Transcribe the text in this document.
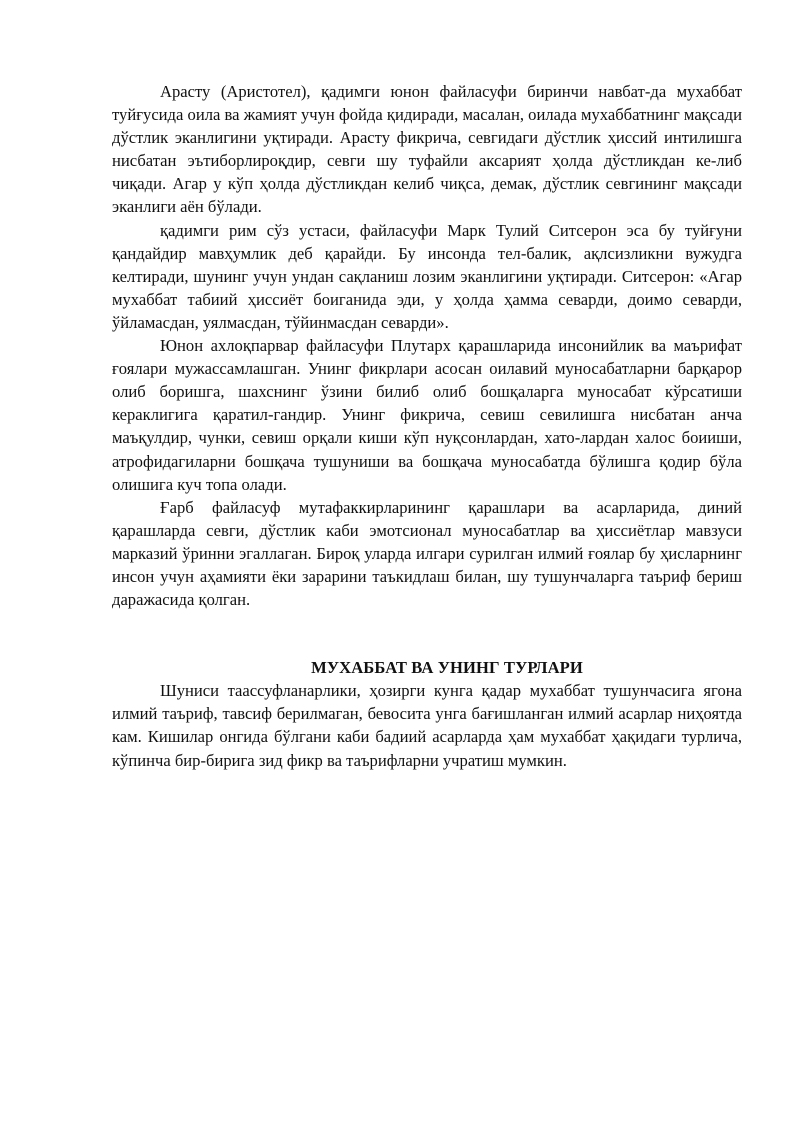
Арасту (Аристотел), қадимги юнон файласуфи биринчи навбат-да мухаббат туйғусида оила ва жамият учун фойда қидиради, масалан, оилада мухаббатнинг мақсади дўстлик эканлигини уқтиради. Арасту фикрича, севгидаги дўстлик ҳиссий интилишга нисбатан эътиборлироқдир, севги шу туфайли аксарият ҳолда дўстликдан ке-либ чиқади. Агар у кўп ҳолда дўстликдан келиб чиқса, демак, дўстлик севгининг мақсади эканлиги аён бўлади.

қадимги рим сўз устаси, файласуфи Марк Тулий Ситсерон эса бу туйғуни қандайдир мавҳумлик деб қарайди. Бу инсонда тел-балик, ақлсизликни вужудга келтиради, шунинг учун ундан сақланиш лозим эканлигини уқтиради. Ситсерон: «Агар мухаббат табиий ҳиссиёт боиганида эди, у ҳолда ҳамма севарди, доимо севарди, ўйламасдан, уялмасдан, тўйинмасдан севарди».

Юнон ахлоқпарвар файласуфи Плутарх қарашларида инсонийлик ва маърифат ғоялари мужассамлашган. Унинг фикрлари асосан оилавий муносабатларни барқарор олиб боришга, шахснинг ўзини билиб олиб бошқаларга муносабат кўрсатиши кераклигига қаратил-гандир. Унинг фикрича, севиш севилишга нисбатан анча маъқулдир, чунки, севиш орқали киши кўп нуқсонлардан, хато-лардан халос боииши, атрофидагиларни бошқача тушуниши ва бошқача муносабатда бўлишга қодир бўла олишига куч топа олади.

Ғарб файласуф мутафаккирларининг қарашлари ва асарларида, диний қарашларда севги, дўстлик каби эмотсионал муносабатлар ва ҳиссиётлар мавзуси марказий ўринни эгаллаган. Бироқ уларда илгари сурилган илмий ғоялар бу ҳисларнинг инсон учун аҳамияти ёки зарарини таъкидлаш билан, шу тушунчаларга таъриф бериш даражасида қолган.

МУХАББАТ ВА УНИНГ ТУРЛАРИ

Шуниси таассуфланарлики, ҳозирги кунга қадар мухаббат тушунчасига ягона илмий таъриф, тавсиф берилмаган, бевосита унга бағишланган илмий асарлар ниҳоятда кам. Кишилар онгида бўлгани каби бадиий асарларда ҳам мухаббат ҳақидаги турлича, кўпинча бир-бирига зид фикр ва таърифларни учратиш мумкин.
